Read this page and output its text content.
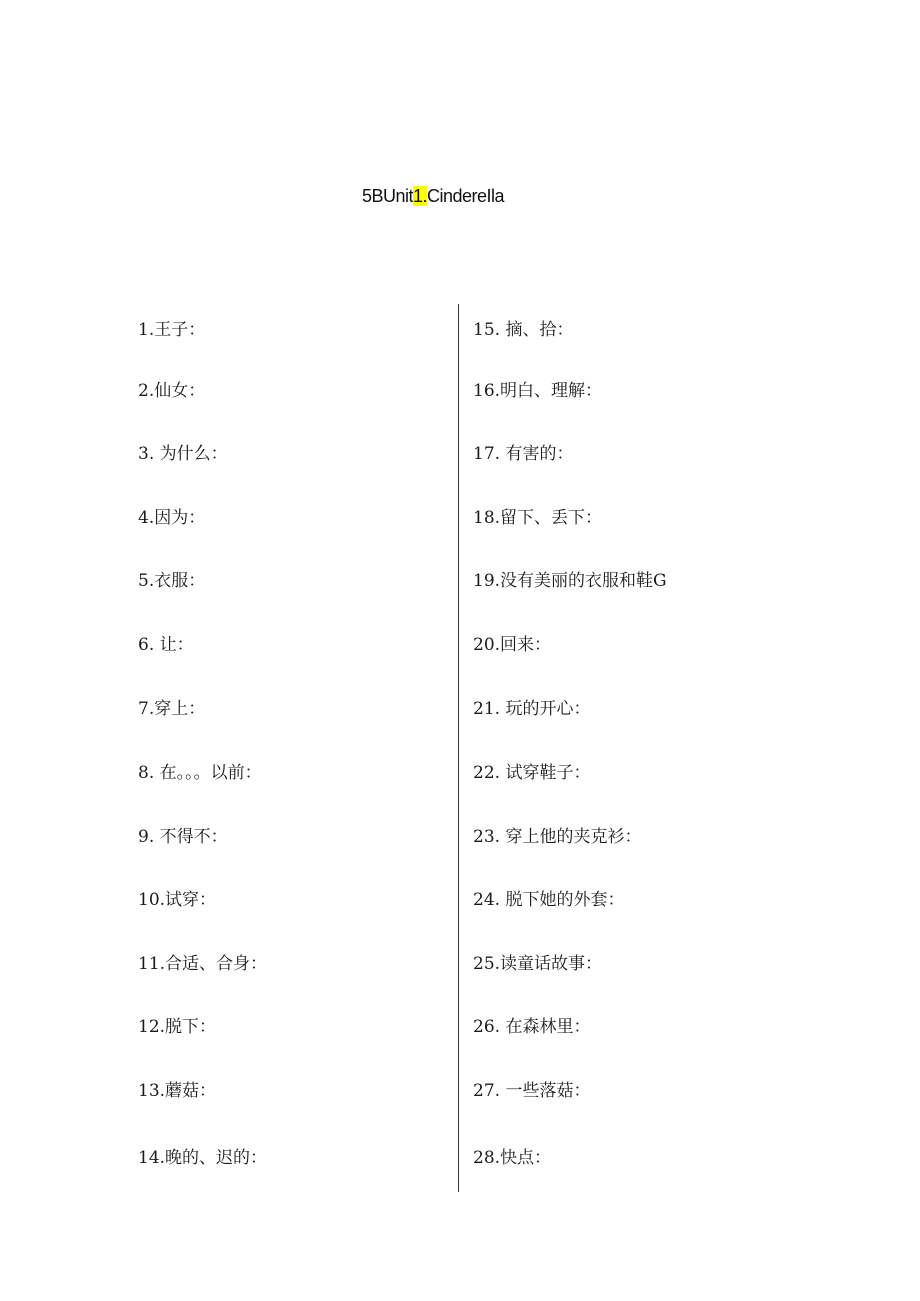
5BUnit1.CindereIla
1.王子：
2.仙女：
3. 为什么：
4.因为：
5.衣服：
6. 让：
7.穿上：
8. 在。。。以前：
9. 不得不：
10.试穿：
11.合适、合身：
12.脱下：
13.蘑菇：
14.晚的、迟的：
15. 摘、拾：
16.明白、理解：
17. 有害的：
18.留下、丢下：
19.没有美丽的衣服和鞋G
20.回来：
21. 玩的开心：
22. 试穿鞋子：
23. 穿上他的夹克衫：
24. 脱下她的外套：
25.读童话故事：
26. 在森林里：
27. 一些落菇：
28.快点：
